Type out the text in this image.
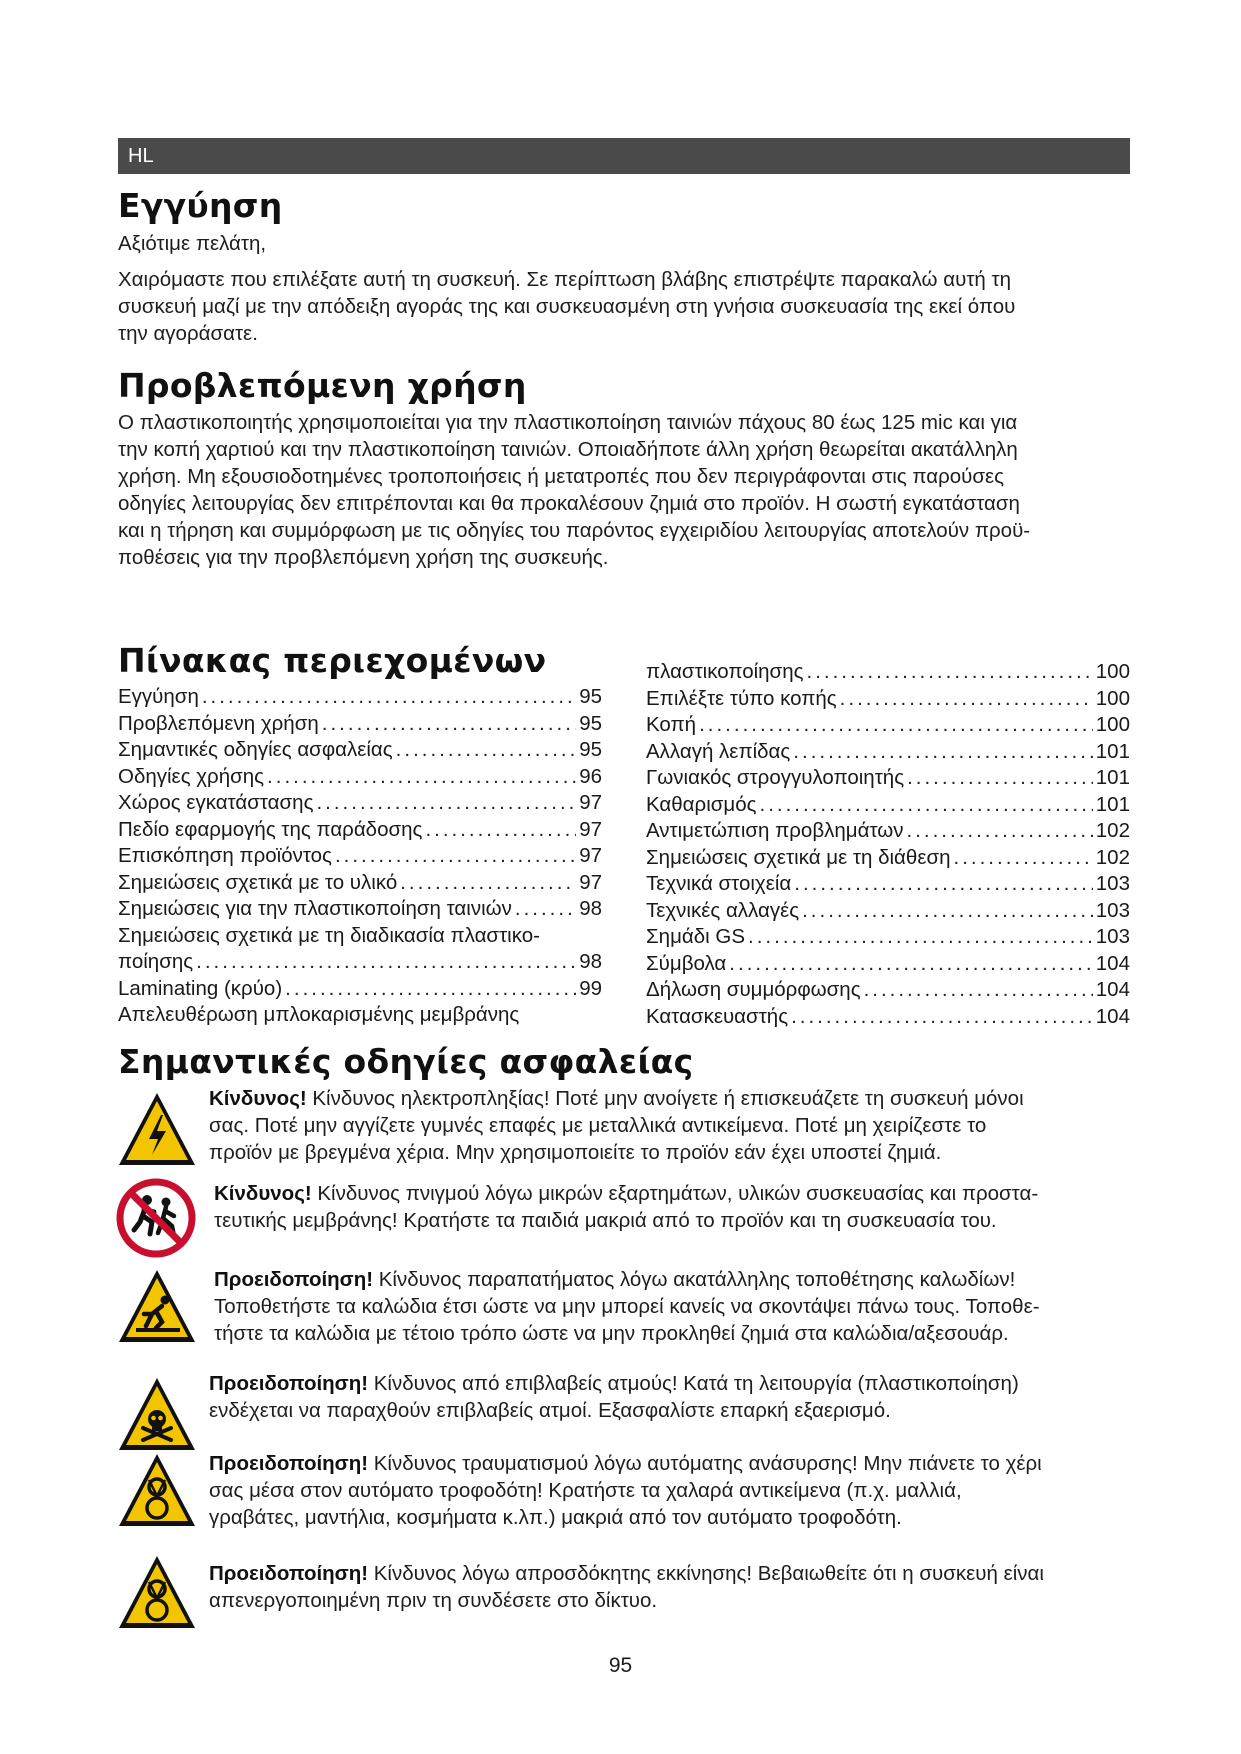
HL
Εγγύηση

Αξιότιμε πελάτη,

Χαιρόμαστε που επιλέξατε αυτή τη συσκευή. Σε περίπτωση βλάβης επιστρέψτε παρακαλώ αυτή τη
συσκευή μαζί με την απόδειξη αγοράς της και συσκευασμένη στη γνήσια συσκευασία της εκεί όπου
την αγοράσατε.
Προβλεπόμενη χρήση
Ο πλαστικοποιητής χρησιμοποιείται για την πλαστικοποίηση ταινιών πάχους 80 έως 125 mic και για
την κοπή χαρτιού και την πλαστικοποίηση ταινιών. Οποιαδήποτε άλλη χρήση θεωρείται ακατάλληλη
χρήση. Μη εξουσιοδοτημένες τροποποιήσεις ή μετατροπές που δεν περιγράφονται στις παρούσες
οδηγίες λειτουργίας δεν επιτρέπονται και θα προκαλέσουν ζημιά στο προϊόν. Η σωστή εγκατάσταση
και η τήρηση και συμμόρφωση με τις οδηγίες του παρόντος εγχειριδίου λειτουργίας αποτελούν προϋ-
ποθέσεις για την προβλεπόμενη χρήση της συσκευής.
Πίνακας περιεχομένων
Εγγύηση .....	95
Προβλεπόμενη χρήση .....	95
Σημαντικές οδηγίες ασφαλείας .....	95
Οδηγίες χρήσης .....	96
Χώρος εγκατάστασης .....	97
Πεδίο εφαρμογής της παράδοσης .....	97
Επισκόπηση προϊόντος .....	97
Σημειώσεις σχετικά με το υλικό .....	97
Σημειώσεις για την πλαστικοποίηση ταινιών .....	98
Σημειώσεις σχετικά με τη διαδικασία πλαστικο-
ποίησης .....	98
Laminating (κρύο) .....	99
Απελευθέρωση μπλοκαρισμένης μεμβράνης
πλαστικοποίησης .....	100
Επιλέξτε τύπο κοπής .....	100
Κοπή .....	100
Αλλαγή λεπίδας .....	101
Γωνιακός στρογγυλοποιητής .....	101
Καθαρισμός .....	101
Αντιμετώπιση προβλημάτων .....	102
Σημειώσεις σχετικά με τη διάθεση .....	102
Τεχνικά στοιχεία .....	103
Τεχνικές αλλαγές .....	103
Σημάδι GS .....	103
Σύμβολα .....	104
Δήλωση συμμόρφωσης .....	104
Κατασκευαστής .....	104
Σημαντικές οδηγίες ασφαλείας
Κίνδυνος! Κίνδυνος ηλεκτροπληξίας! Ποτέ μην ανοίγετε ή επισκευάζετε τη συσκευή μόνοι
σας. Ποτέ μην αγγίζετε γυμνές επαφές με μεταλλικά αντικείμενα. Ποτέ μη χειρίζεστε το
προϊόν με βρεγμένα χέρια. Μην χρησιμοποιείτε το προϊόν εάν έχει υποστεί ζημιά.
Κίνδυνος! Κίνδυνος πνιγμού λόγω μικρών εξαρτημάτων, υλικών συσκευασίας και προστα-
τευτικής μεμβράνης! Κρατήστε τα παιδιά μακριά από το προϊόν και τη συσκευασία του.
Προειδοποίηση! Κίνδυνος παραπατήματος λόγω ακατάλληλης τοποθέτησης καλωδίων!
Τοποθετήστε τα καλώδια έτσι ώστε να μην μπορεί κανείς να σκοντάψει πάνω τους. Τοποθε-
τήστε τα καλώδια με τέτοιο τρόπο ώστε να μην προκληθεί ζημιά στα καλώδια/αξεσουάρ.
Προειδοποίηση! Κίνδυνος από επιβλαβείς ατμούς! Κατά τη λειτουργία (πλαστικοποίηση)
ενδέχεται να παραχθούν επιβλαβείς ατμοί. Εξασφαλίστε επαρκή εξαερισμό.
Προειδοποίηση! Κίνδυνος τραυματισμού λόγω αυτόματης ανάσυρσης! Μην πιάνετε το χέρι
σας μέσα στον αυτόματο τροφοδότη! Κρατήστε τα χαλαρά αντικείμενα (π.χ. μαλλιά,
γραβάτες, μαντήλια, κοσμήματα κ.λπ.) μακριά από τον αυτόματο τροφοδότη.
Προειδοποίηση! Κίνδυνος λόγω απροσδόκητης εκκίνησης! Βεβαιωθείτε ότι η συσκευή είναι
απενεργοποιημένη πριν τη συνδέσετε στο δίκτυο.
95
